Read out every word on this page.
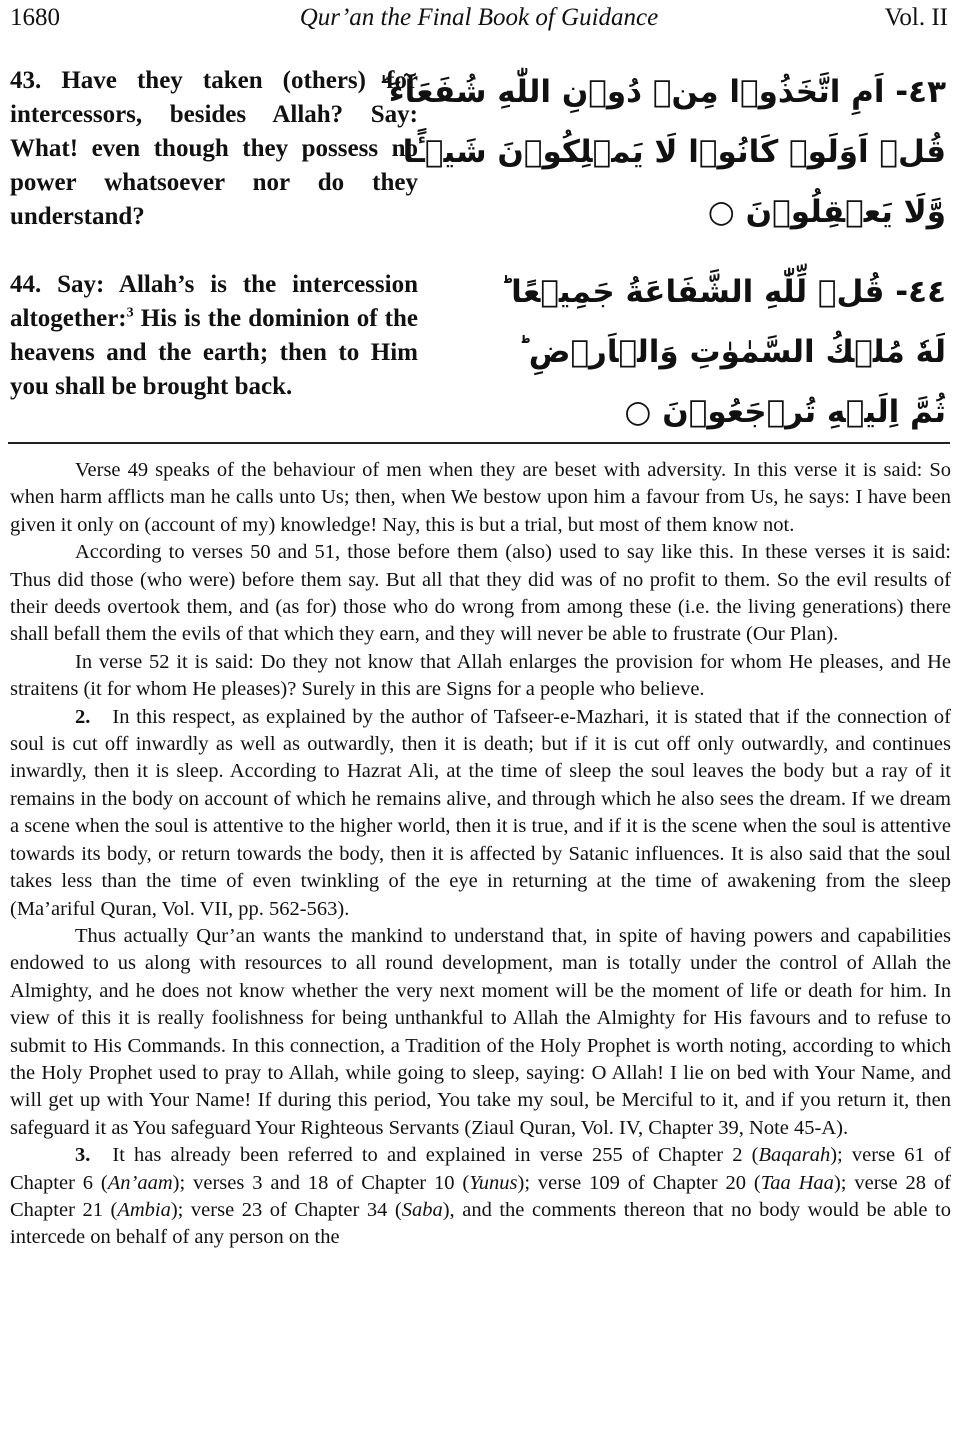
1680	Qur’an the Final Book of Guidance	Vol. II
43. Have they taken (others) for intercessors, besides Allah? Say: What! even though they possess no power whatsoever nor do they understand?
٤٣- اَمِ اتَّخَذُوۡا مِنۡ دُوۡنِ اللّٰهِ شُفَعَآءَ ؕ
قُلۡ اَوَلَوۡ كَانُوۡا لَا يَمۡلِكُوۡنَ شَيۡـًٔا
وَّلَا يَعۡقِلُوۡنَ ○
44. Say: Allah’s is the intercession altogether:$^3$ His is the dominion of the heavens and the earth; then to Him you shall be brought back.
٤٤- قُلۡ لِّلّٰهِ الشَّفَاعَةُ جَمِيۡعًا ؕ
لَهٗ مُلۡكُ السَّمٰوٰتِ وَالۡاَرۡضِ ؕ
ثُمَّ اِلَيۡهِ تُرۡجَعُوۡنَ ○

Verse 49 speaks of the behaviour of men when they are beset with adversity. In this verse it is said: So when harm afflicts man he calls unto Us; then, when We bestow upon him a favour from Us, he says: I have been given it only on (account of my) knowledge! Nay, this is but a trial, but most of them know not.

According to verses 50 and 51, those before them (also) used to say like this. In these verses it is said: Thus did those (who were) before them say. But all that they did was of no profit to them. So the evil results of their deeds overtook them, and (as for) those who do wrong from among these (i.e. the living generations) there shall befall them the evils of that which they earn, and they will never be able to frustrate (Our Plan).

In verse 52 it is said: Do they not know that Allah enlarges the provision for whom He pleases, and He straitens (it for whom He pleases)? Surely in this are Signs for a people who believe.

2. In this respect, as explained by the author of Tafseer-e-Mazhari, it is stated that if the connection of soul is cut off inwardly as well as outwardly, then it is death; but if it is cut off only outwardly, and continues inwardly, then it is sleep. According to Hazrat Ali, at the time of sleep the soul leaves the body but a ray of it remains in the body on account of which he remains alive, and through which he also sees the dream. If we dream a scene when the soul is attentive to the higher world, then it is true, and if it is the scene when the soul is attentive towards its body, or return towards the body, then it is affected by Satanic influences. It is also said that the soul takes less than the time of even twinkling of the eye in returning at the time of awakening from the sleep (Ma’ariful Quran, Vol. VII, pp. 562-563).

Thus actually Qur’an wants the mankind to understand that, in spite of having powers and capabilities endowed to us along with resources to all round development, man is totally under the control of Allah the Almighty, and he does not know whether the very next moment will be the moment of life or death for him. In view of this it is really foolishness for being unthankful to Allah the Almighty for His favours and to refuse to submit to His Commands. In this connection, a Tradition of the Holy Prophet is worth noting, according to which the Holy Prophet used to pray to Allah, while going to sleep, saying: O Allah! I lie on bed with Your Name, and will get up with Your Name! If during this period, You take my soul, be Merciful to it, and if you return it, then safeguard it as You safeguard Your Righteous Servants (Ziaul Quran, Vol. IV, Chapter 39, Note 45-A).

3. It has already been referred to and explained in verse 255 of Chapter 2 (Baqarah); verse 61 of Chapter 6 (An’aam); verses 3 and 18 of Chapter 10 (Yunus); verse 109 of Chapter 20 (Taa Haa); verse 28 of Chapter 21 (Ambia); verse 23 of Chapter 34 (Saba), and the comments thereon that no body would be able to intercede on behalf of any person on the
